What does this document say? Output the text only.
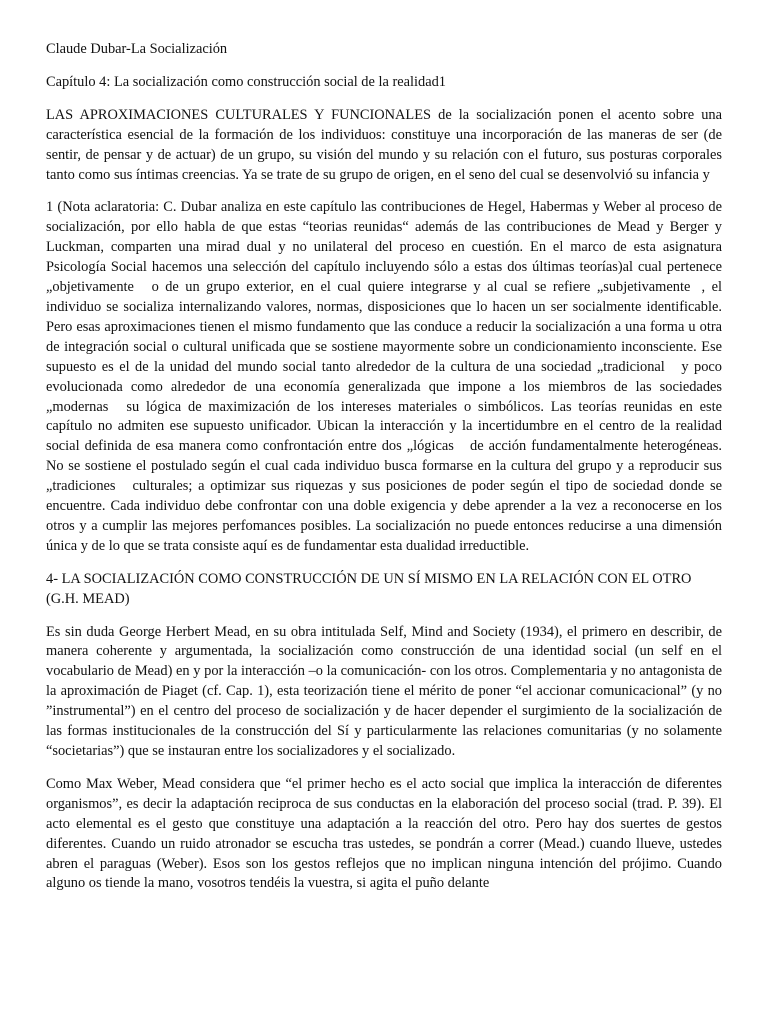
Claude Dubar-La Socialización

Capítulo 4: La socialización como construcción social de la realidad1

LAS APROXIMACIONES CULTURALES Y FUNCIONALES de la socialización ponen el acento sobre una característica esencial de la formación de los individuos: constituye una incorporación de las maneras de ser (de sentir, de pensar y de actuar) de un grupo, su visión del mundo y su relación con el futuro, sus posturas corporales tanto como sus íntimas creencias. Ya se trate de su grupo de origen, en el seno del cual se desenvolvió su infancia y

1 (Nota aclaratoria: C. Dubar analiza en este capítulo las contribuciones de Hegel, Habermas y Weber al proceso de socialización, por ello habla de que estas “teorias reunidas“ además de las contribuciones de Mead y Berger y Luckman, comparten una mirad dual y no unilateral del proceso en cuestión. En el marco de esta asignatura Psicología Social hacemos una selección del capítulo incluyendo sólo a estas dos últimas teorías)al cual pertenece „objetivamente  o de un grupo exterior, en el cual quiere integrarse y al cual se refiere „subjetivamente , el individuo se socializa internalizando valores, normas, disposiciones que lo hacen un ser socialmente identificable. Pero esas aproximaciones tienen el mismo fundamento que las conduce a reducir la socialización a una forma u otra de integración social o cultural unificada que se sostiene mayormente sobre un condicionamiento inconsciente. Ese supuesto es el de la unidad del mundo social tanto alrededor de la cultura de una sociedad „tradicional  y poco evolucionada como alrededor de una economía generalizada que impone a los miembros de las sociedades „modernas  su lógica de maximización de los intereses materiales o simbólicos. Las teorías reunidas en este capítulo no admiten ese supuesto unificador. Ubican la interacción y la incertidumbre en el centro de la realidad social definida de esa manera como confrontación entre dos „lógicas  de acción fundamentalmente heterogéneas. No se sostiene el postulado según el cual cada individuo busca formarse en la cultura del grupo y a reproducir sus „tradiciones  culturales; a optimizar sus riquezas y sus posiciones de poder según el tipo de sociedad donde se encuentre. Cada individuo debe confrontar con una doble exigencia y debe aprender a la vez a reconocerse en los otros y a cumplir las mejores perfomances posibles. La socialización no puede entonces reducirse a una dimensión única y de lo que se trata consiste aquí es de fundamentar esta dualidad irreductible.

4- LA SOCIALIZACIÓN COMO CONSTRUCCIÓN DE UN SÍ MISMO EN LA RELACIÓN CON EL OTRO (G.H. MEAD)

Es sin duda George Herbert Mead, en su obra intitulada Self, Mind and Society (1934), el primero en describir, de manera coherente y argumentada, la socialización como construcción de una identidad social (un self en el vocabulario de Mead) en y por la interacción –o la comunicación- con los otros. Complementaria y no antagonista de la aproximación de Piaget (cf. Cap. 1), esta teorización tiene el mérito de poner “el accionar comunicacional” (y no ”instrumental”) en el centro del proceso de socialización y de hacer depender el surgimiento de la socialización de las formas institucionales de la construcción del Sí y particularmente las relaciones comunitarias (y no solamente “societarias”) que se instauran entre los socializadores y el socializado.

Como Max Weber, Mead considera que “el primer hecho es el acto social que implica la interacción de diferentes organismos”, es decir la adaptación reciproca de sus conductas en la elaboración del proceso social (trad. P. 39). El acto elemental es el gesto que constituye una adaptación a la reacción del otro. Pero hay dos suertes de gestos diferentes. Cuando un ruido atronador se escucha tras ustedes, se pondrán a correr (Mead.) cuando llueve, ustedes abren el paraguas (Weber). Esos son los gestos reflejos que no implican ninguna intención del prójimo. Cuando alguno os tiende la mano, vosotros tendéis la vuestra, si agita el puño delante
